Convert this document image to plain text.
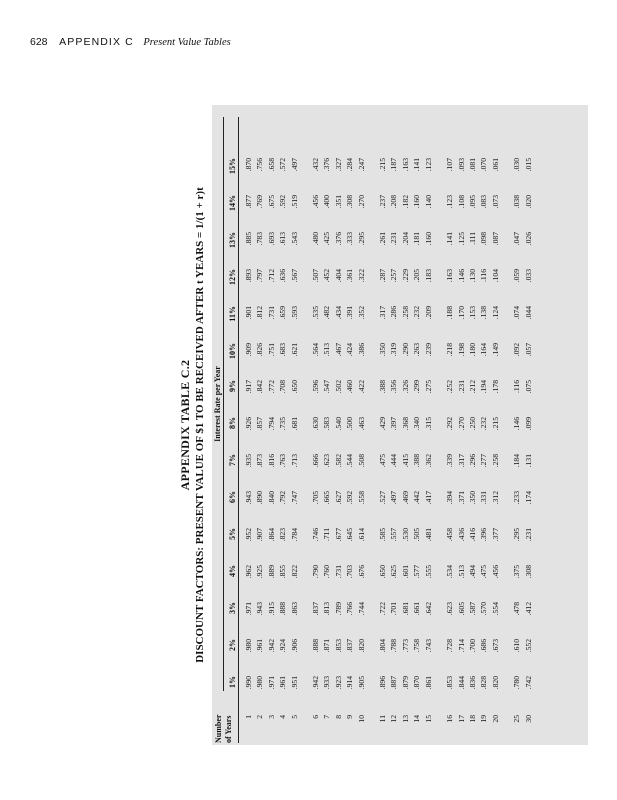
628 APPENDIX C Present Value Tables
APPENDIX TABLE C.2 DISCOUNT FACTORS: PRESENT VALUE OF $1 TO BE RECEIVED AFTER t YEARS = 1/(1 + r)t
Number of Years
Interest Rate per Year
	1%	2%	3%	4%	5%	6%	7%	8%	9%	10%	11%	12%	13%	14%	15%
1	.990	.980	.971	.962	.952	.943	.935	.926	.917	.909	.901	.893	.885	.877	.870
2	.980	.961	.943	.925	.907	.890	.873	.857	.842	.826	.812	.797	.783	.769	.756
3	.971	.942	.915	.889	.864	.840	.816	.794	.772	.751	.731	.712	.693	.675	.658
4	.961	.924	.888	.855	.823	.792	.763	.735	.708	.683	.659	.636	.613	.592	.572
5	.951	.906	.863	.822	.784	.747	.713	.681	.650	.621	.593	.567	.543	.519	.497
6	.942	.888	.837	.790	.746	.705	.666	.630	.596	.564	.535	.507	.480	.456	.432
7	.933	.871	.813	.760	.711	.665	.623	.583	.547	.513	.482	.452	.425	.400	.376
8	.923	.853	.789	.731	.677	.627	.582	.540	.502	.467	.434	.404	.376	.351	.327
9	.914	.837	.766	.703	.645	.592	.544	.500	.460	.424	.391	.361	.333	.308	.284
10	.905	.820	.744	.676	.614	.558	.508	.463	.422	.386	.352	.322	.295	.270	.247
11	.896	.804	.722	.650	.585	.527	.475	.429	.388	.350	.317	.287	.261	.237	.215
12	.887	.788	.701	.625	.557	.497	.444	.397	.356	.319	.286	.257	.231	.208	.187
13	.879	.773	.681	.601	.530	.469	.415	.368	.326	.290	.258	.229	.204	.182	.163
14	.870	.758	.661	.577	.505	.442	.388	.340	.299	.263	.232	.205	.181	.160	.141
15	.861	.743	.642	.555	.481	.417	.362	.315	.275	.239	.209	.183	.160	.140	.123
16	.853	.728	.623	.534	.458	.394	.339	.292	.252	.218	.188	.163	.141	.123	.107
17	.844	.714	.605	.513	.436	.371	.317	.270	.231	.198	.170	.146	.125	.108	.093
18	.836	.700	.587	.494	.416	.350	.296	.250	.212	.180	.153	.130	.111	.095	.081
19	.828	.686	.570	.475	.396	.331	.277	.232	.194	.164	.138	.116	.098	.083	.070
20	.820	.673	.554	.456	.377	.312	.258	.215	.178	.149	.124	.104	.087	.073	.061
25	.780	.610	.478	.375	.295	.233	.184	.146	.116	.092	.074	.059	.047	.038	.030
30	.742	.552	.412	.308	.231	.174	.131	.099	.075	.057	.044	.033	.026	.020	.015
